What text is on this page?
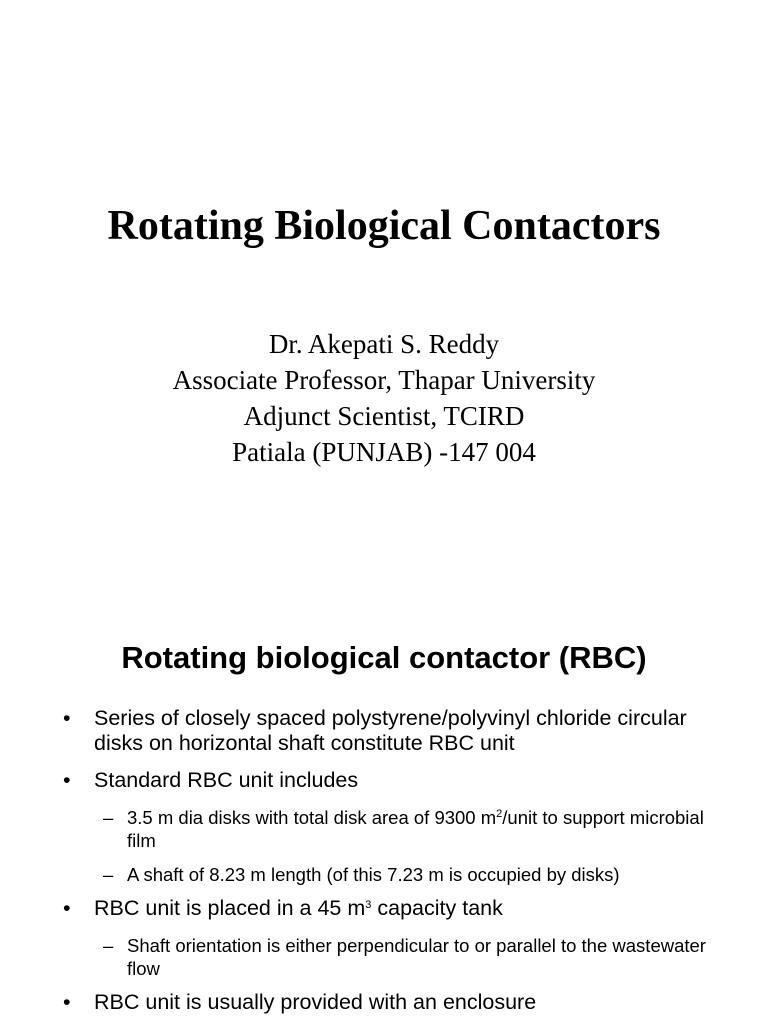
Rotating Biological Contactors
Dr. Akepati S. Reddy
Associate Professor, Thapar University
Adjunct Scientist, TCIRD
Patiala (PUNJAB) -147 004
Rotating biological contactor (RBC)
• Series of closely spaced polystyrene/polyvinyl chloride circular disks on horizontal shaft constitute RBC unit
• Standard RBC unit includes
– 3.5 m dia disks with total disk area of 9300 $m^2$/unit to support microbial film
– A shaft of 8.23 m length (of this 7.23 m is occupied by disks)
• RBC unit is placed in a 45 $m^3$ capacity tank
– Shaft orientation is either perpendicular to or parallel to the wastewater flow
• RBC unit is usually provided with an enclosure
